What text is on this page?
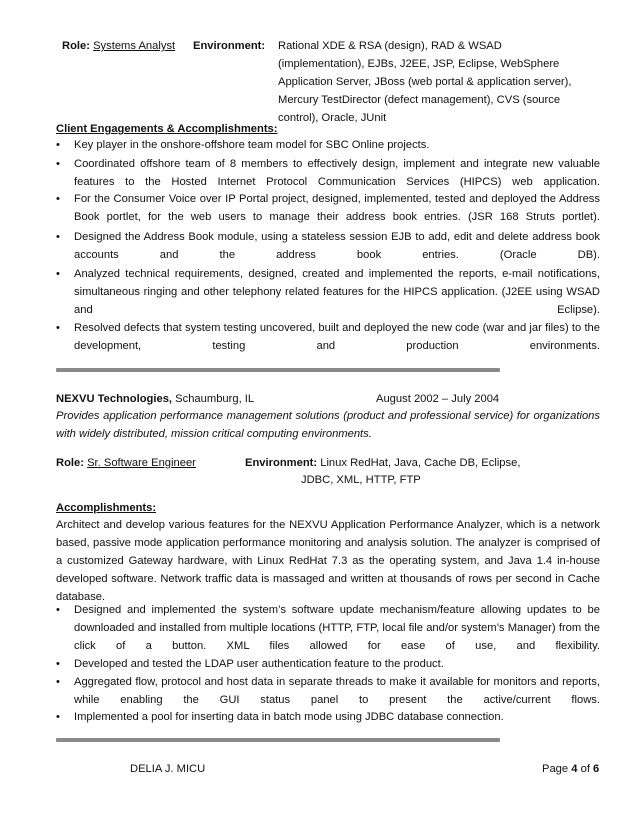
Role: Systems Analyst Environment: Rational XDE & RSA (design), RAD & WSAD
(implementation), EJBs, J2EE, JSP, Eclipse, WebSphere
Application Server, JBoss (web portal & application server),
Mercury TestDirector (defect management), CVS (source
control), Oracle, JUnit
Client Engagements & Accomplishments:
•	Key player in the onshore-offshore team model for SBC Online projects.
•	Coordinated offshore team of 8 members to effectively design, implement and integrate new valuable features to the Hosted Internet Protocol Communication Services (HIPCS) web application.
•	For the Consumer Voice over IP Portal project, designed, implemented, tested and deployed the Address Book portlet, for the web users to manage their address book entries. (JSR 168 Struts portlet).
•	Designed the Address Book module, using a stateless session EJB to add, edit and delete address book accounts and the address book entries. (Oracle DB).
•	Analyzed technical requirements, designed, created and implemented the reports, e-mail notifications, simultaneous ringing and other telephony related features for the HIPCS application. (J2EE using WSAD and Eclipse).
•	Resolved defects that system testing uncovered, built and deployed the new code (war and jar files) to the development, testing and production environments.
NEXVU Technologies, Schaumburg, IL	August 2002 – July 2004
Provides application performance management solutions (product and professional service) for organizations with widely distributed, mission critical computing environments.
Role: Sr. Software Engineer	Environment: Linux RedHat, Java, Cache DB, Eclipse,
JDBC, XML, HTTP, FTP
Accomplishments:
Architect and develop various features for the NEXVU Application Performance Analyzer, which is a network based, passive mode application performance monitoring and analysis solution. The analyzer is comprised of a customized Gateway hardware, with Linux RedHat 7.3 as the operating system, and Java 1.4 in-house developed software. Network traffic data is massaged and written at thousands of rows per second in Cache database.
•	Designed and implemented the system’s software update mechanism/feature allowing updates to be downloaded and installed from multiple locations (HTTP, FTP, local file and/or system’s Manager) from the click of a button. XML files allowed for ease of use, and flexibility.
•	Developed and tested the LDAP user authentication feature to the product.
•	Aggregated flow, protocol and host data in separate threads to make it available for monitors and reports, while enabling the GUI status panel to present the active/current flows.
•	Implemented a pool for inserting data in batch mode using JDBC database connection.
DELIA J. MICU	Page 4 of 6
